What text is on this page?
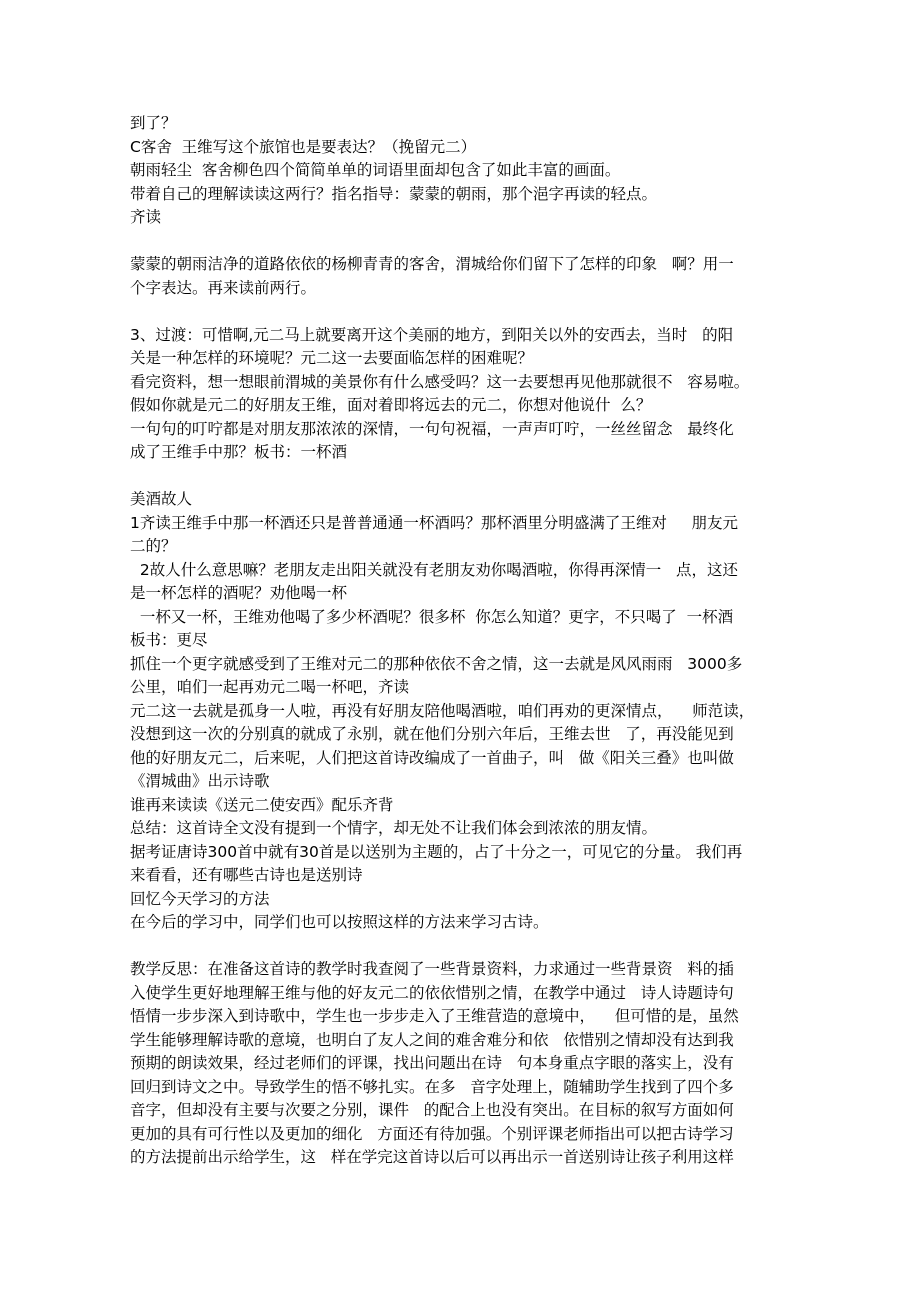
到了？
C客舍  王维写这个旅馆也是要表达？（挽留元二）
朝雨轻尘  客舍柳色四个简简单单的词语里面却包含了如此丰富的画面。
带着自己的理解读读这两行？指名指导：蒙蒙的朝雨，那个浥字再读的轻点。
齐读
蒙蒙的朝雨洁净的道路依依的杨柳青青的客舍，渭城给你们留下了怎样的印象   啊？用一
个字表达。再来读前两行。
3、过渡：可惜啊,元二马上就要离开这个美丽的地方，到阳关以外的安西去，当时   的阳
关是一种怎样的环境呢？元二这一去要面临怎样的困难呢？
看完资料，想一想眼前渭城的美景你有什么感受吗？这一去要想再见他那就很不   容易啦。
假如你就是元二的好朋友王维，面对着即将远去的元二，你想对他说什  么？
一句句的叮咛都是对朋友那浓浓的深情，一句句祝福，一声声叮咛，一丝丝留念   最终化
成了王维手中那？板书：一杯酒
美酒故人
1齐读王维手中那一杯酒还只是普普通通一杯酒吗？那杯酒里分明盛满了王维对     朋友元
二的？
2故人什么意思嘛？老朋友走出阳关就没有老朋友劝你喝酒啦，你得再深情一   点，这还
是一杯怎样的酒呢？劝他喝一杯
一杯又一杯，王维劝他喝了多少杯酒呢？很多杯  你怎么知道？更字，不只喝了  一杯酒
板书：更尽
抓住一个更字就感受到了王维对元二的那种依依不舍之情，这一去就是风风雨雨   3000多
公里，咱们一起再劝元二喝一杯吧，齐读
元二这一去就是孤身一人啦，再没有好朋友陪他喝酒啦，咱们再劝的更深情点，    师范读，
没想到这一次的分别真的就成了永别，就在他们分别六年后，王维去世   了，再没能见到
他的好朋友元二，后来呢，人们把这首诗改编成了一首曲子，叫   做《阳关三叠》也叫做
《渭城曲》出示诗歌
谁再来读读《送元二使安西》配乐齐背
总结：这首诗全文没有提到一个情字，却无处不让我们体会到浓浓的朋友情。
据考证唐诗300首中就有30首是以送别为主题的，占了十分之一，可见它的分量。 我们再
来看看，还有哪些古诗也是送别诗
回忆今天学习的方法
在今后的学习中，同学们也可以按照这样的方法来学习古诗。
教学反思：在准备这首诗的教学时我查阅了一些背景资料，力求通过一些背景资   料的插
入使学生更好地理解王维与他的好友元二的依依惜别之情，在教学中通过   诗人诗题诗句
悟情一步步深入到诗歌中，学生也一步步走入了王维营造的意境中，    但可惜的是，虽然
学生能够理解诗歌的意境，也明白了友人之间的难舍难分和依   依惜别之情却没有达到我
预期的朗读效果，经过老师们的评课，找出问题出在诗   句本身重点字眼的落实上，没有
回归到诗文之中。导致学生的悟不够扎实。在多   音字处理上，随辅助学生找到了四个多
音字，但却没有主要与次要之分别，课件   的配合上也没有突出。在目标的叙写方面如何
更加的具有可行性以及更加的细化   方面还有待加强。个别评课老师指出可以把古诗学习
的方法提前出示给学生，这   样在学完这首诗以后可以再出示一首送别诗让孩子利用这样
